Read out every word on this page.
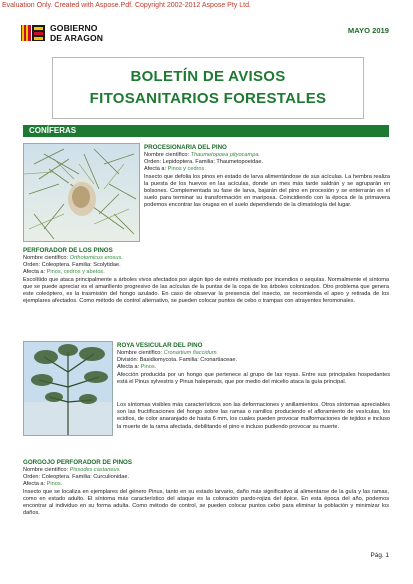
Evaluation Only. Created with Aspose.Pdf. Copyright 2002-2012 Aspose Pty Ltd.
GOBIERNO
DE ARAGON
MAYO 2019
BOLETÍN DE AVISOS
FITOSANITARIOS FORESTALES
CONÍFERAS
PROCESIONARIA DEL PINO
Nombre científico: Thaumetopoea pityocampa.
Orden: Lepidoptera. Familia: Thaumetopoeidae.
Afecta a: Pinos y cedros.
Insecto que defolia los pinos en estado de larva alimentándose de sus acículas. La hembra realiza la puesta de los huevos en las acículas, donde un mes más tarde saldrán y se agruparán en bolsones. Complementada su fase de larva, bajarán del pino en procesión y se enterrarán en el suelo para terminar su transformación en mariposa. Coincidiendo con la época de la primavera podemos encontrar las orugas en el suelo dependiendo de la climatología del lugar.
PERFORADOR DE LOS PINOS
Nombre científico: Orthotomicus erosus.
Orden: Coleoptera. Familia: Scolytidae.
Afecta a: Pinos, cedros y abetos.
Escolítido que ataca principalmente a árboles vivos afectados por algún tipo de estrés motivado por incendios o sequías. Normalmente el síntoma que se puede apreciar es el amarillento progresivo de las acículas de la puntas de la copa de los árboles colonizados. Otro problema que genera este coleóptero, es la trasmisión del hongo azulado. En caso de observar la presencia del insecto, se recomienda el apeo y retirada de los ejemplares afectados. Como método de control alternativo, se pueden colocar puntos de cebo o trampas con atrayentes feromonales.
ROYA VESICULAR DEL PINO
Nombre científico: Cronartium flaccidum.
División: Basidiomycota. Familia: Cronartiaceae.
Afecta a: Pinos.
Afección producida por un hongo que pertenece al grupo de las royas. Entre sus principales hospedantes está el Pinus sylvestris y Pinus halepensis, que por medio del micelio ataca la guía principal.
Los síntomas visibles más característicos son las deformaciones y anillamientos. Otros síntomas apreciables son las fructificaciones del hongo sobre las ramas o ramillos produciendo el afloramiento de vesículas, los ecidios, de color anaranjado de hasta 6 mm, los cuales pueden provocar malformaciones de tejidos e incluso la muerte de la rama afectada, debilitando el pino e incluso pudiendo provocar su muerte.
GORGOJO PERFORADOR DE PINOS
Nombre científico: Pissodes castaneus.
Orden: Coleoptera. Familia: Curculionidae.
Afecta a: Pinos.
Insecto que se localiza en ejemplares del género Pinus, tanto en su estado larvario, daño más significativo al alimentarse de la guía y las ramas, como en estado adulto. El síntoma más característico del ataque es la coloración pardo-rojiza del ápice. En esta época del año, podemos encontrar al individuo en su forma adulta. Como método de control, se pueden colocar puntos cebo para eliminar la población y minimizar los daños.
Pág. 1
